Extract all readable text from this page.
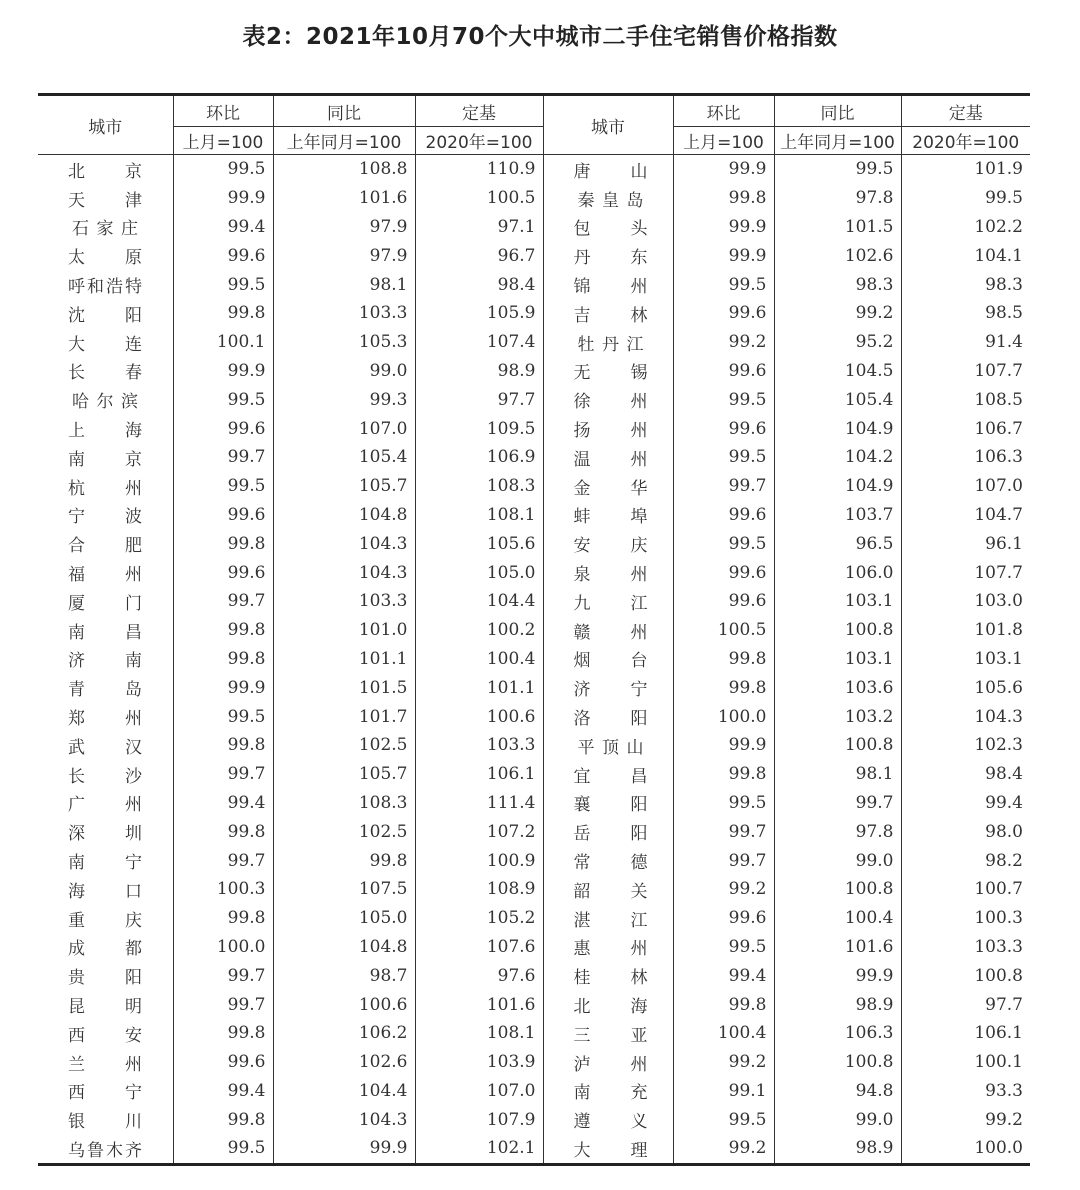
表2：2021年10月70个大中城市二手住宅销售价格指数
城市	环比	同比	定基	城市	环比	同比	定基
	上月=100	上年同月=100	2020年=100		上月=100	上年同月=100	2020年=100
北京	99.5	108.8	110.9	唐山	99.9	99.5	101.9
天津	99.9	101.6	100.5	秦皇岛	99.8	97.8	99.5
石家庄	99.4	97.9	97.1	包头	99.9	101.5	102.2
太原	99.6	97.9	96.7	丹东	99.9	102.6	104.1
呼和浩特	99.5	98.1	98.4	锦州	99.5	98.3	98.3
沈阳	99.8	103.3	105.9	吉林	99.6	99.2	98.5
大连	100.1	105.3	107.4	牡丹江	99.2	95.2	91.4
长春	99.9	99.0	98.9	无锡	99.6	104.5	107.7
哈尔滨	99.5	99.3	97.7	徐州	99.5	105.4	108.5
上海	99.6	107.0	109.5	扬州	99.6	104.9	106.7
南京	99.7	105.4	106.9	温州	99.5	104.2	106.3
杭州	99.5	105.7	108.3	金华	99.7	104.9	107.0
宁波	99.6	104.8	108.1	蚌埠	99.6	103.7	104.7
合肥	99.8	104.3	105.6	安庆	99.5	96.5	96.1
福州	99.6	104.3	105.0	泉州	99.6	106.0	107.7
厦门	99.7	103.3	104.4	九江	99.6	103.1	103.0
南昌	99.8	101.0	100.2	赣州	100.5	100.8	101.8
济南	99.8	101.1	100.4	烟台	99.8	103.1	103.1
青岛	99.9	101.5	101.1	济宁	99.8	103.6	105.6
郑州	99.5	101.7	100.6	洛阳	100.0	103.2	104.3
武汉	99.8	102.5	103.3	平顶山	99.9	100.8	102.3
长沙	99.7	105.7	106.1	宜昌	99.8	98.1	98.4
广州	99.4	108.3	111.4	襄阳	99.5	99.7	99.4
深圳	99.8	102.5	107.2	岳阳	99.7	97.8	98.0
南宁	99.7	99.8	100.9	常德	99.7	99.0	98.2
海口	100.3	107.5	108.9	韶关	99.2	100.8	100.7
重庆	99.8	105.0	105.2	湛江	99.6	100.4	100.3
成都	100.0	104.8	107.6	惠州	99.5	101.6	103.3
贵阳	99.7	98.7	97.6	桂林	99.4	99.9	100.8
昆明	99.7	100.6	101.6	北海	99.8	98.9	97.7
西安	99.8	106.2	108.1	三亚	100.4	106.3	106.1
兰州	99.6	102.6	103.9	泸州	99.2	100.8	100.1
西宁	99.4	104.4	107.0	南充	99.1	94.8	93.3
银川	99.8	104.3	107.9	遵义	99.5	99.0	99.2
乌鲁木齐	99.5	99.9	102.1	大理	99.2	98.9	100.0
